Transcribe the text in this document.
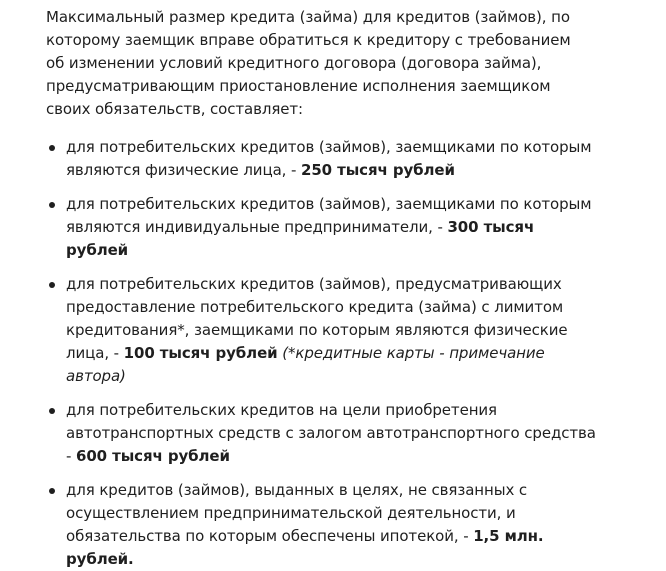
Максимальный размер кредита (займа) для кредитов (займов), по которому заемщик вправе обратиться к кредитору с требованием об изменении условий кредитного договора (договора займа), предусматривающим приостановление исполнения заемщиком своих обязательств, составляет:

для потребительских кредитов (займов), заемщиками по которым являются физические лица, - 250 тысяч рублей
для потребительских кредитов (займов), заемщиками по которым являются индивидуальные предприниматели, - 300 тысяч рублей
для потребительских кредитов (займов), предусматривающих предоставление потребительского кредита (займа) с лимитом кредитования*, заемщиками по которым являются физические лица, - 100 тысяч рублей (*кредитные карты - примечание автора)
для потребительских кредитов на цели приобретения автотранспортных средств с залогом автотранспортного средства - 600 тысяч рублей
для кредитов (займов), выданных в целях, не связанных с осуществлением предпринимательской деятельности, и обязательства по которым обеспечены ипотекой, - 1,5 млн. рублей.
